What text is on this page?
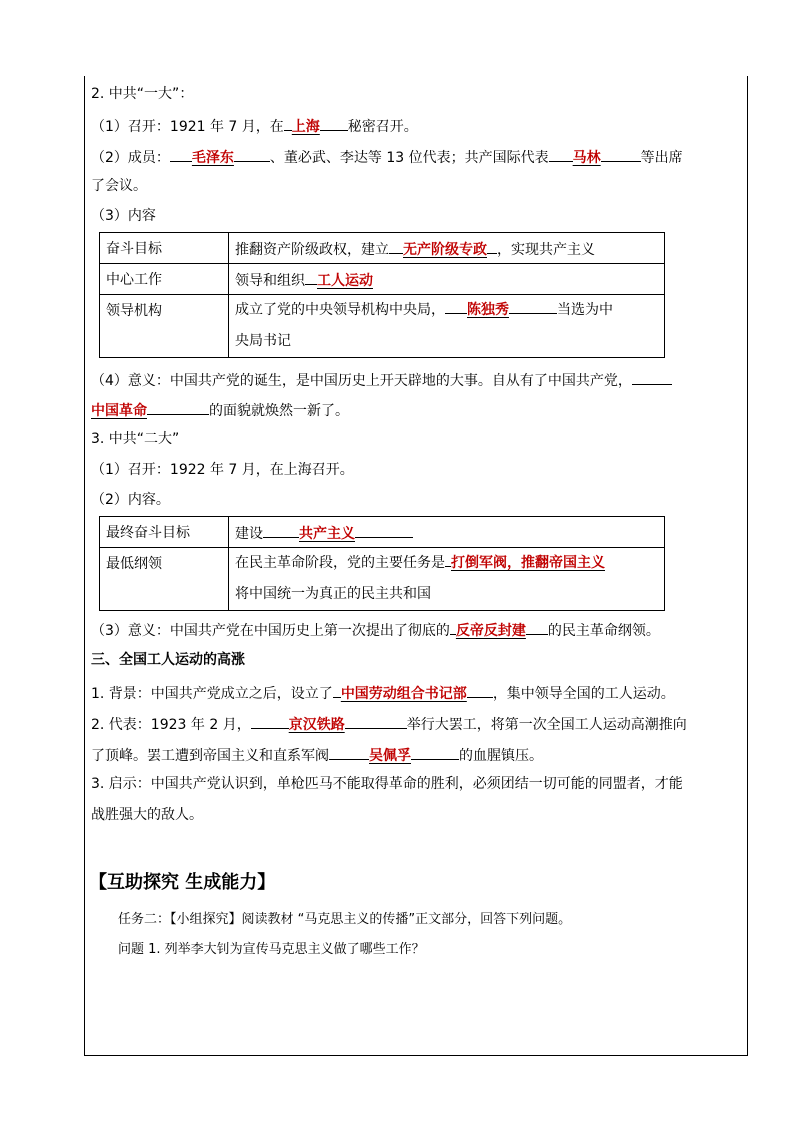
2. 中共“一大”：
（1）召开：1921 年 7 月，在 上海 秘密召开。
（2）成员： 毛泽东	、董必武、李达等 13 位代表；共产国际代表 马林	等出席
了会议。
（3）内容
奋斗目标	推翻资产阶级政权，建立 无产阶级专政 ，实现共产主义
中心工作	领导和组织 工人运动
领导机构	成立了党的中央领导机构中央局， 陈独秀 当选为中
央局书记
（4）意义：中国共产党的诞生，是中国历史上开天辟地的大事。自从有了中国共产党，
中国革命	的面貌就焕然一新了。
3. 中共“二大”
（1）召开：1922 年 7 月，在上海召开。
（2）内容。
最终奋斗目标	建设 共产主义
最低纲领	在民主革命阶段，党的主要任务是 打倒军阀，推翻帝国主义
将中国统一为真正的民主共和国
（3）意义：中国共产党在中国历史上第一次提出了彻底的 反帝反封建 的民主革命纲领。
三、全国工人运动的高涨
1. 背景：中国共产党成立之后，设立了 中国劳动组合书记部 ，集中领导全国的工人运动。
2. 代表：1923 年 2 月，	京汉铁路	举行大罢工，将第一次全国工人运动高潮推向
了顶峰。罢工遭到帝国主义和直系军阀	吴佩孚	的血腥镇压。
3. 启示：中国共产党认识到，单枪匹马不能取得革命的胜利，必须团结一切可能的同盟者，才能
战胜强大的敌人。
【互助探究 生成能力】
任务二：【小组探究】阅读教材 “马克思主义的传播”正文部分，回答下列问题。
问题 1. 列举李大钊为宣传马克思主义做了哪些工作？
